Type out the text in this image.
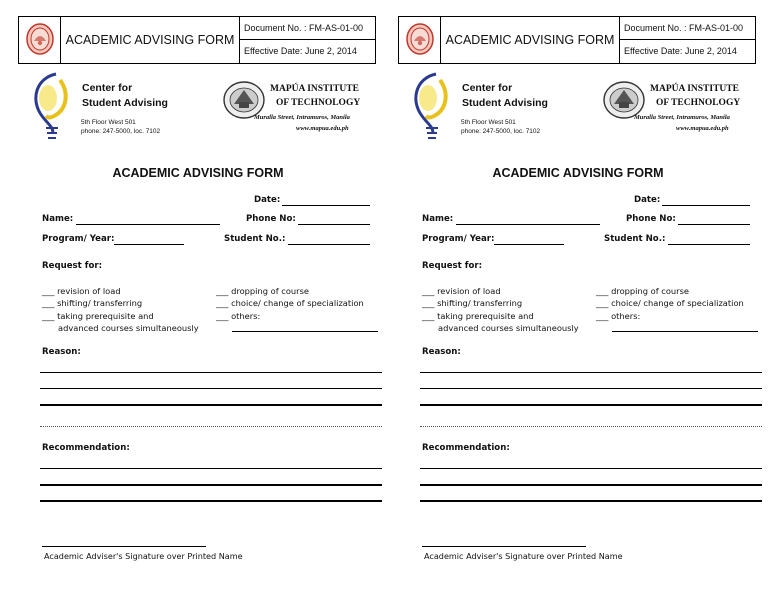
ACADEMIC ADVISING FORM
Document No. : FM-AS-01-00
Effective Date: June 2, 2014
Center for
Student Advising
5th Floor West 501
phone: 247-5000, loc. 7102
MAPÚA INSTITUTE
OF TECHNOLOGY
Muralla Street, Intramuros, Manila
www.mapua.edu.ph
ACADEMIC ADVISING FORM
Date:
Name:	Phone No:
Program/ Year:	Student No.:
Request for:
___ revision of load
___ shifting/ transferring
___ taking prerequisite and
advanced courses simultaneously
___ dropping of course
___ choice/ change of specialization
___ others:
Reason:
Recommendation:
Academic Adviser's Signature over Printed Name
ACADEMIC ADVISING FORM
Document No. : FM-AS-01-00
Effective Date: June 2, 2014
Center for
Student Advising
5th Floor West 501
phone: 247-5000, loc. 7102
MAPÚA INSTITUTE
OF TECHNOLOGY
Muralla Street, Intramuros, Manila
www.mapua.edu.ph
ACADEMIC ADVISING FORM
Date:
Name:	Phone No:
Program/ Year:	Student No.:
Request for:
___ revision of load
___ shifting/ transferring
___ taking prerequisite and
advanced courses simultaneously
___ dropping of course
___ choice/ change of specialization
___ others:
Reason:
Recommendation:
Academic Adviser's Signature over Printed Name
